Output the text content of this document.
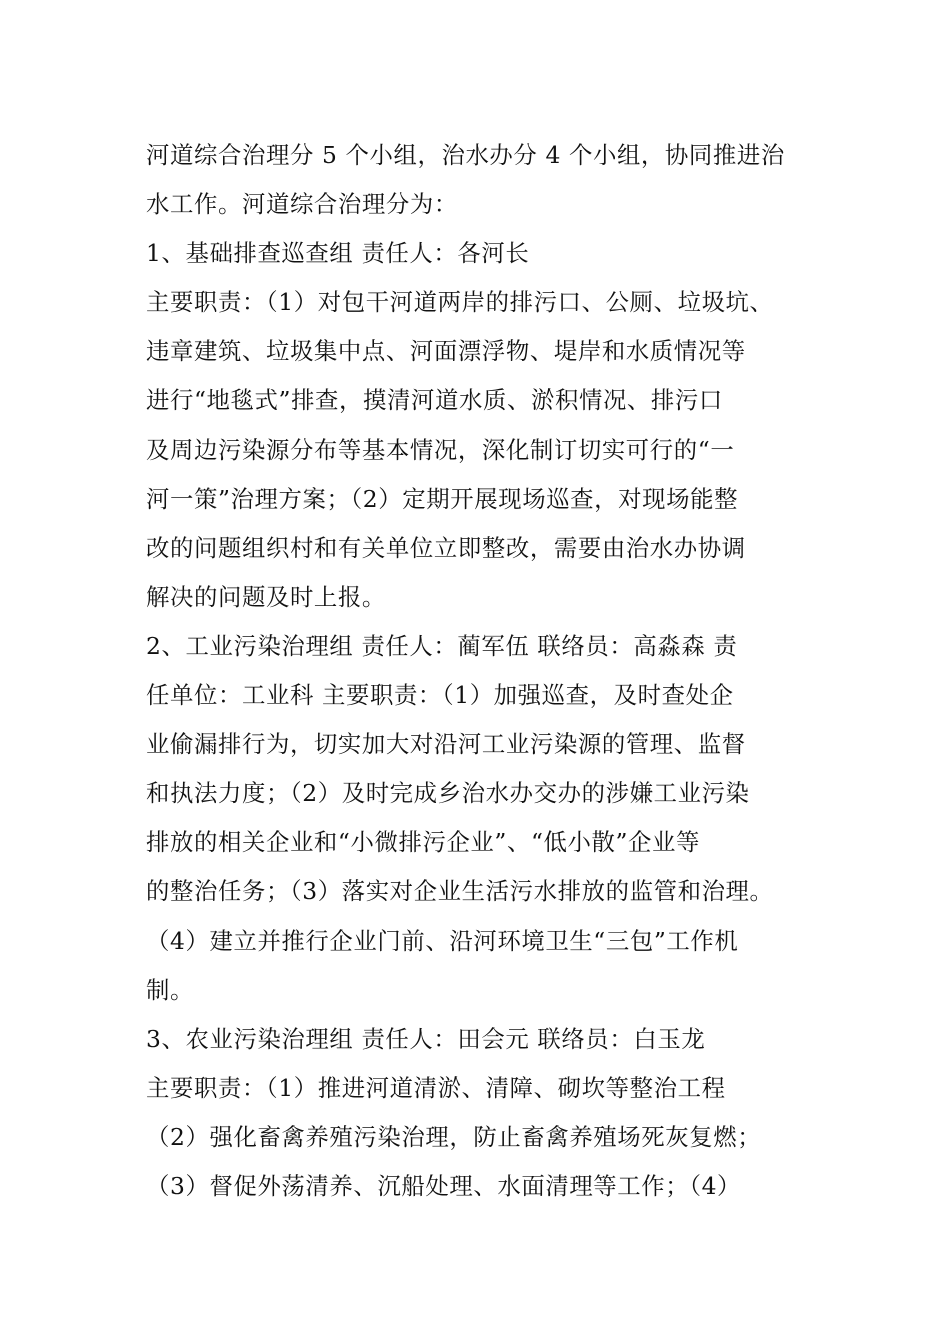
河道综合治理分 5 个小组，治水办分 4 个小组，协同推进治
水工作。河道综合治理分为：
1、基础排查巡查组 责任人：各河长
主要职责：（1）对包干河道两岸的排污口、公厕、垃圾坑、
违章建筑、垃圾集中点、河面漂浮物、堤岸和水质情况等
进行“地毯式”排查，摸清河道水质、淤积情况、排污口
及周边污染源分布等基本情况，深化制订切实可行的“一
河一策”治理方案；（2）定期开展现场巡查，对现场能整
改的问题组织村和有关单位立即整改，需要由治水办协调
解决的问题及时上报。
2、工业污染治理组 责任人：蔺军伍 联络员：高淼森 责
任单位：工业科 主要职责：（1）加强巡查，及时查处企
业偷漏排行为，切实加大对沿河工业污染源的管理、监督
和执法力度；（2）及时完成乡治水办交办的涉嫌工业污染
排放的相关企业和“小微排污企业”、“低小散”企业等
的整治任务；（3）落实对企业生活污水排放的监管和治理。
（4）建立并推行企业门前、沿河环境卫生“三包”工作机
制。
3、农业污染治理组 责任人：田会元 联络员：白玉龙
主要职责：（1）推进河道清淤、清障、砌坎等整治工程
（2）强化畜禽养殖污染治理，防止畜禽养殖场死灰复燃；
（3）督促外荡清养、沉船处理、水面清理等工作；（4）
